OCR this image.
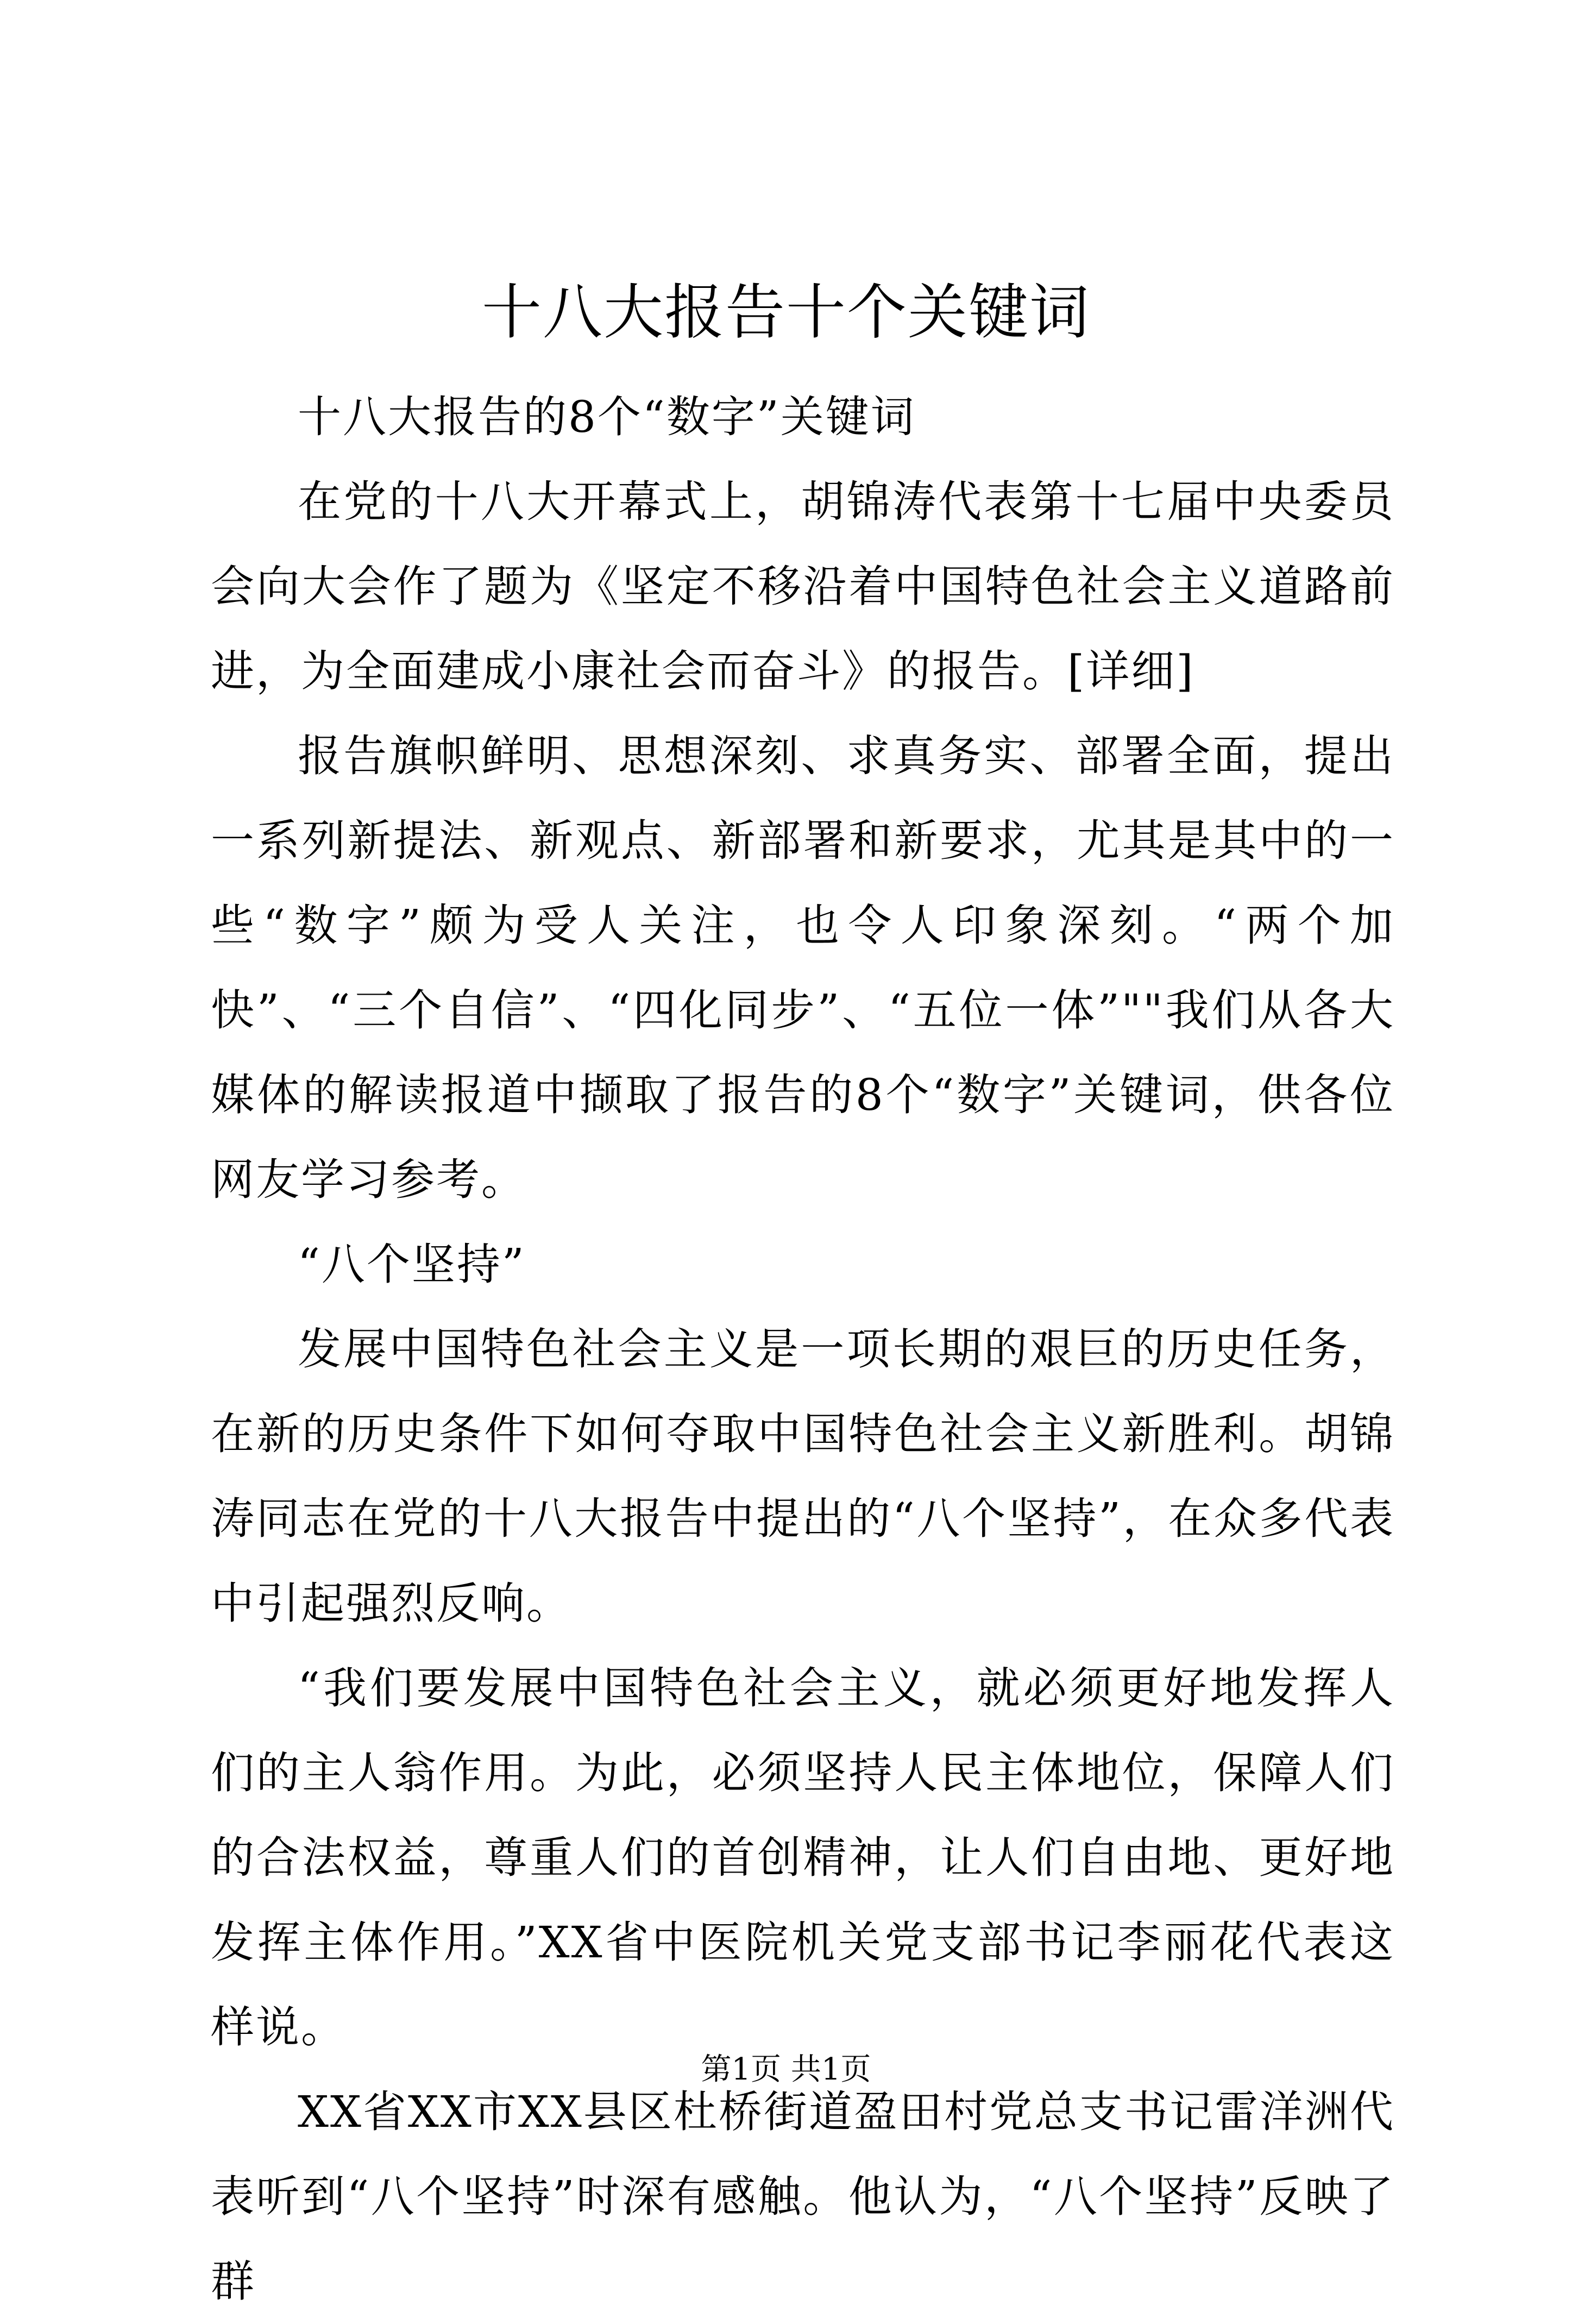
十八大报告十个关键词

十八大报告的8个“数字”关键词

在党的十八大开幕式上，胡锦涛代表第十七届中央委员会向大会作了题为《坚定不移沿着中国特色社会主义道路前进，为全面建成小康社会而奋斗》的报告。[详细]

报告旗帜鲜明、思想深刻、求真务实、部署全面，提出一系列新提法、新观点、新部署和新要求，尤其是其中的一些“数字”颇为受人关注，也令人印象深刻。“两个加快”、“三个自信”、“四化同步”、“五位一体”""我们从各大媒体的解读报道中撷取了报告的8个“数字”关键词，供各位网友学习参考。

“八个坚持”

发展中国特色社会主义是一项长期的艰巨的历史任务，在新的历史条件下如何夺取中国特色社会主义新胜利。胡锦涛同志在党的十八大报告中提出的“八个坚持”，在众多代表中引起强烈反响。

“我们要发展中国特色社会主义，就必须更好地发挥人们的主人翁作用。为此，必须坚持人民主体地位，保障人们的合法权益，尊重人们的首创精神，让人们自由地、更好地发挥主体作用。”XX省中医院机关党支部书记李丽花代表这样说。

XX省XX市XX县区杜桥街道盈田村党总支书记雷洋洲代表听到“八个坚持”时深有感触。他认为，“八个坚持”反映了群

第1页 共1页
